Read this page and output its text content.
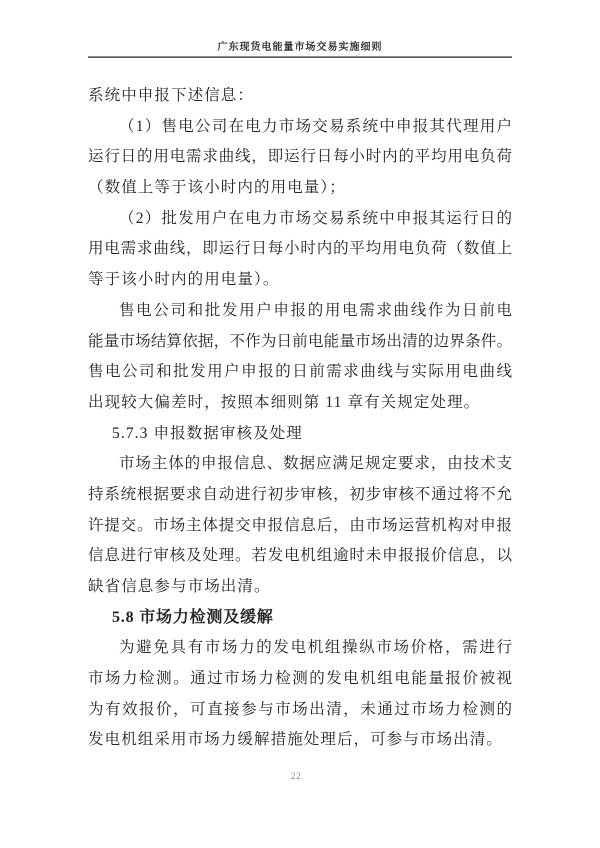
广东现货电能量市场交易实施细则
系统中申报下述信息：
（1）售电公司在电力市场交易系统中申报其代理用户
运行日的用电需求曲线，即运行日每小时内的平均用电负荷
（数值上等于该小时内的用电量）；
（2）批发用户在电力市场交易系统中申报其运行日的
用电需求曲线，即运行日每小时内的平均用电负荷（数值上
等于该小时内的用电量）。
售电公司和批发用户申报的用电需求曲线作为日前电
能量市场结算依据，不作为日前电能量市场出清的边界条件。
售电公司和批发用户申报的日前需求曲线与实际用电曲线
出现较大偏差时，按照本细则第 11 章有关规定处理。
5.7.3 申报数据审核及处理
市场主体的申报信息、数据应满足规定要求，由技术支
持系统根据要求自动进行初步审核，初步审核不通过将不允
许提交。市场主体提交申报信息后，由市场运营机构对申报
信息进行审核及处理。若发电机组逾时未申报报价信息，以
缺省信息参与市场出清。
5.8 市场力检测及缓解
为避免具有市场力的发电机组操纵市场价格，需进行
市场力检测。通过市场力检测的发电机组电能量报价被视
为有效报价，可直接参与市场出清，未通过市场力检测的
发电机组采用市场力缓解措施处理后，可参与市场出清。
22
